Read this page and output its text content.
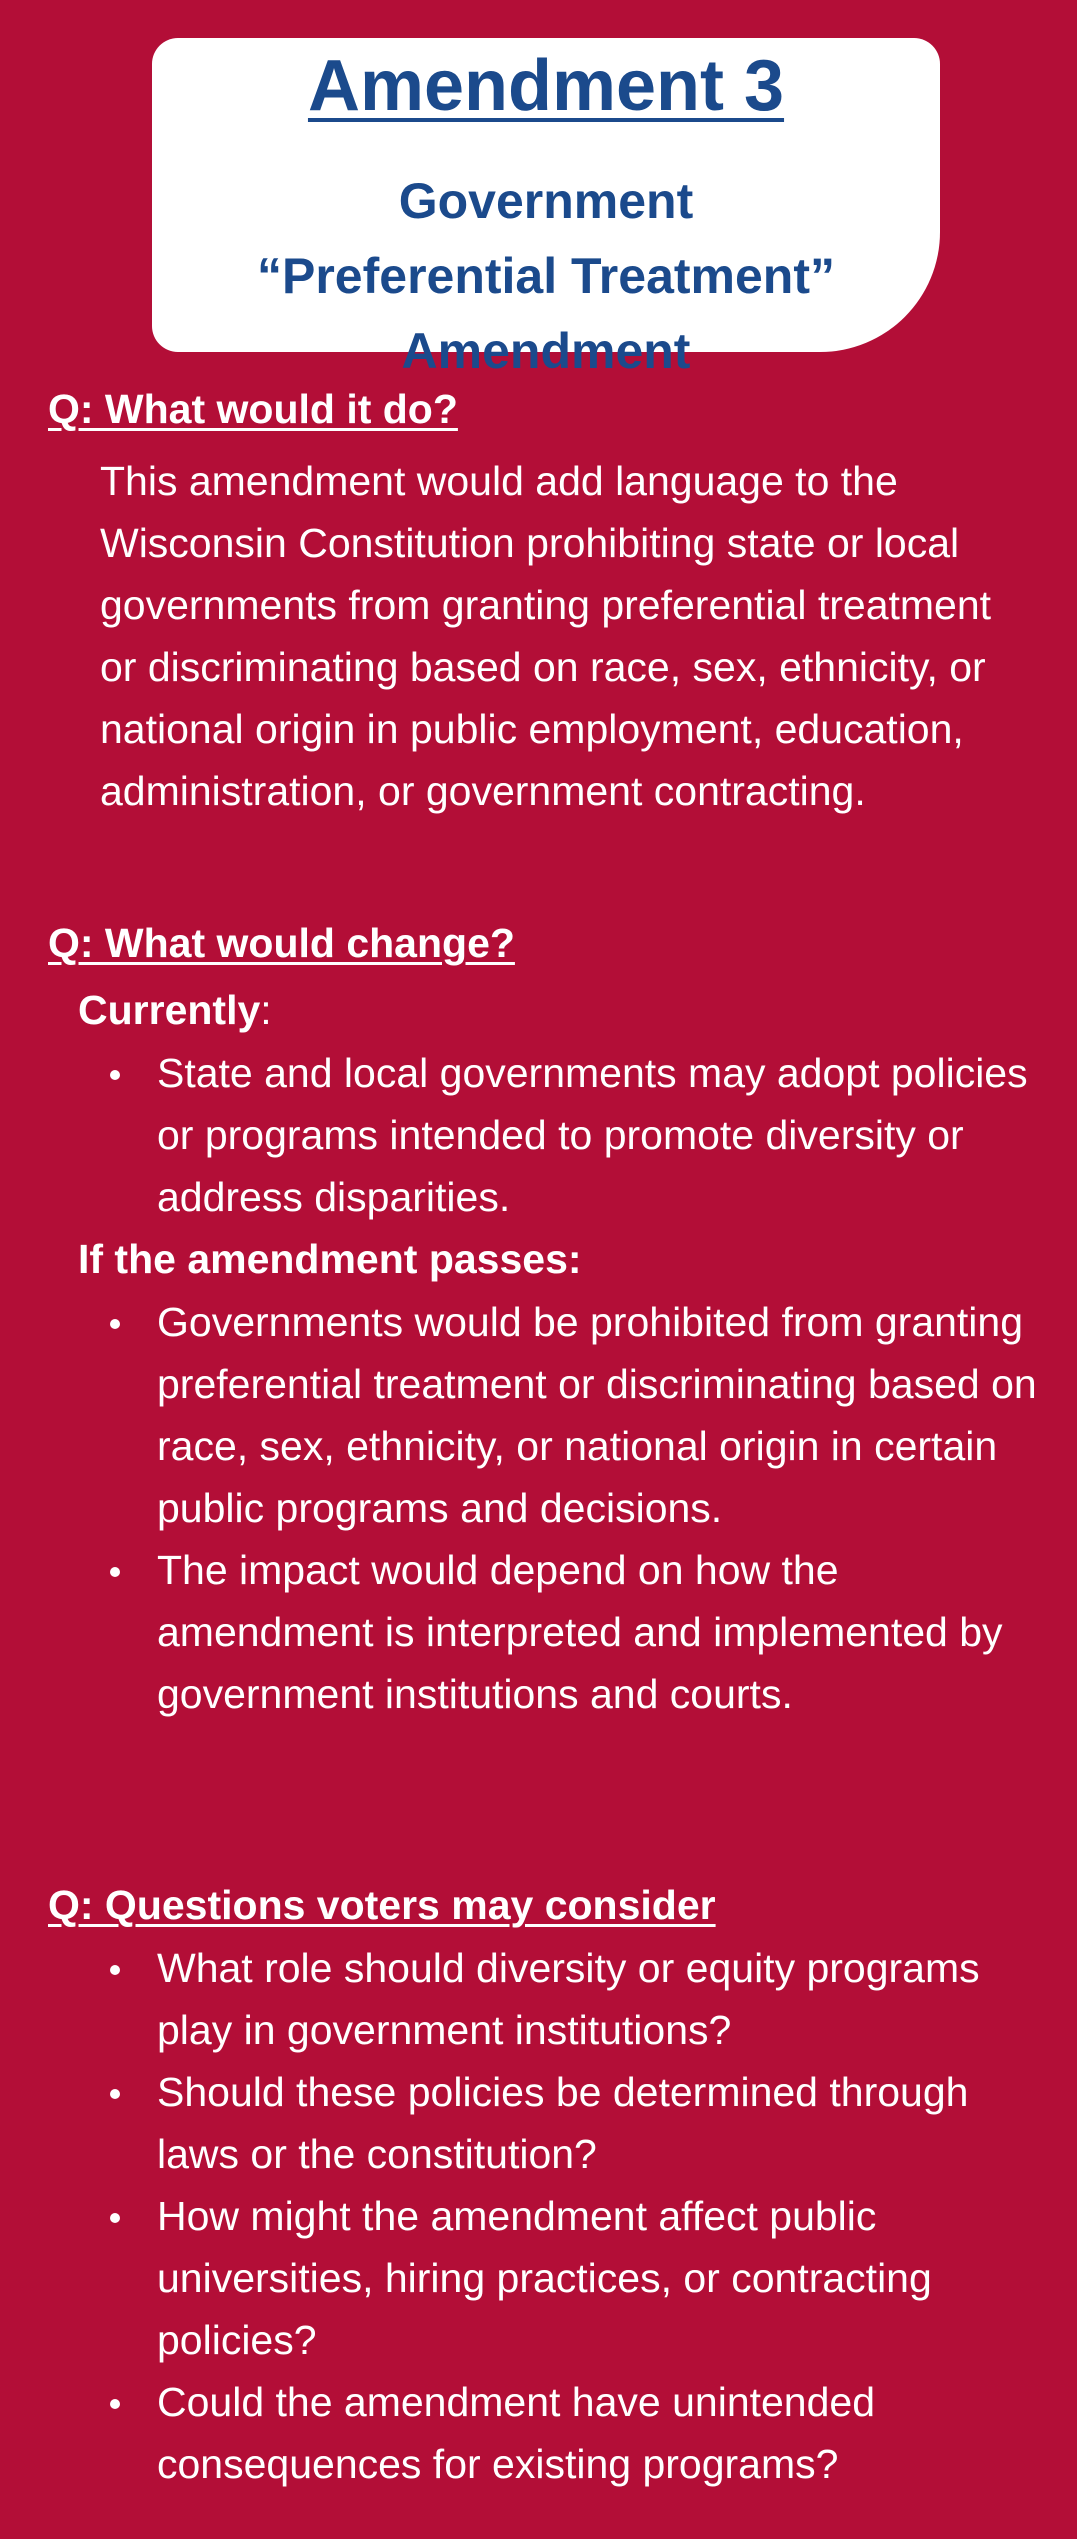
Amendment 3
Government
“Preferential Treatment”
Amendment
Q: What would it do?
This amendment would add language to the Wisconsin Constitution prohibiting state or local governments from granting preferential treatment or discriminating based on race, sex, ethnicity, or national origin in public employment, education, administration, or government contracting.
Q: What would change?
Currently:
State and local governments may adopt policies or programs intended to promote diversity or address disparities.
If the amendment passes:
Governments would be prohibited from granting preferential treatment or discriminating based on race, sex, ethnicity, or national origin in certain public programs and decisions.
The impact would depend on how the amendment is interpreted and implemented by government institutions and courts.
Q: Questions voters may consider
What role should diversity or equity programs play in government institutions?
Should these policies be determined through laws or the constitution?
How might the amendment affect public universities, hiring practices, or contracting policies?
Could the amendment have unintended consequences for existing programs?
